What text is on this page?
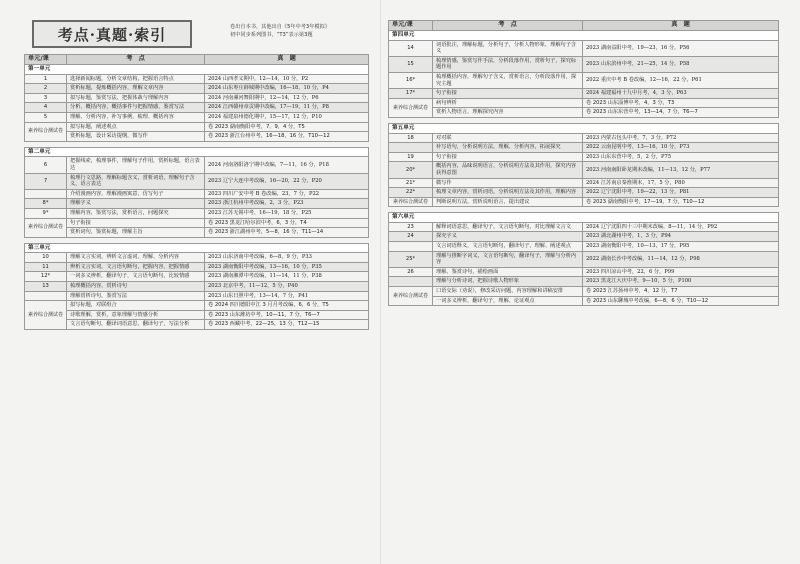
考点·真题·索引	卷出自本书，其他出自《5年中考3年模拟》
初中同步系列图书，“T3”表示第3题
单元/课	考　点	真　题
第一单元		
1	选择新闻标题，分析文章结构，把握语言特点	2024 山西孝义期中，12—14，10 分，P2
2	赏析标题，提炼概括内容，理解文章内容	2024 山东枣庄薛城期中改编，16—18，10 分，P4
3	拟写标题，鉴赏写法，把握体裁与理解内容	2024 河南漯河舞阳期中，12—14，12 分，P6
4	分析、概括内容，概括事件与把握情感，鉴赏写法	2024 江西赣州章贡期中改编，17—19，11 分，P8
5	理解、分析内容，补写事例，梳理、概括内容	2024 福建泉州德化期中，15—17，12 分，P10
素养综合测试卷	拟写标题，阐述观点	卷 2023 湖南衡阳中考，7、9，4 分，T5
	赏析标题，设计采访提纲，微写作	卷 2023 浙江台州中考，16—18，16 分，T10—12

第二单元		
6	把握线索，梳理事件，理解句子作用，赏析标题，语言表达	2024 河南洛阳洛宁期中改编，7—11，16 分，P18
7	梳理行文思路，理解标题含义，赏析词语，理解句子含义，语言表达	2023 辽宁大连中考改编，16—20，22 分，P20
	介绍漫画内容，理解漫画寓意，仿写句子	2023 四川广安中考 B 卷改编，23，7 分，P22
8*	理解字义	2023 浙江杭州中考改编，2，3 分，P23
9*	理解内容，鉴赏写法，赏析语言，问题探究	2023 江苏无锡中考，16—19，18 分，P25
素养综合测试卷	句子衔接	卷 2023 黑龙江哈尔滨中考，6，3 分，T4
	赏析词句，鉴赏标题，理解主旨	卷 2023 浙江湖州中考，5—8，16 分，T11—14

第三单元		
10	理解文言实词，辨析文言虚词，理解、分析内容	2023 山东济南中考改编，6—8，9 分，P33
11	辨析文言实词，文言语句断句，把握内容，把握情感	2023 湖南衡阳中考改编，13—16，10 分，P35
12*	一词多义辨析，翻译句子，文言语句断句，比较情感	2023 湖南湘潭中考改编，11—14，11 分，P38
13	梳理概括内容，赏析诗句	2023 北京中考，11—12，5 分，P40
	理解赏析诗句，鉴赏写法	2023 山东日照中考，13—14，7 分，P41
素养综合测试卷	拟写标题，对联组合	卷 2024 四川德阳中江 3 月月考改编，6，6 分，T5
	诗歌理解，赏析，意象理解与情感分析	卷 2023 山东潍坊中考，10—11，7 分，T6—7
	文言语句断句，翻译词语意思，翻译句子，写法分析	卷 2023 西藏中考，22—25，13 分，T12—15
单元/课	考　点	真　题
第四单元		
14	词语批注，理解标题，分析句子，分析人物形象，理解句子含义	2023 湖南益阳中考，19—23，16 分，P56
15	梳理情感，鉴赏写作手法，分析段落作用，赏析句子，探究标题作用	2023 山东滨州中考，21—25，14 分，P58
16*	梳理概括内容，理解句子含义，赏析语言，分析段落作用，探究主题	2022 重庆中考 B 卷改编，12—16，22 分，P61
17*	句子衔接	2024 福建福州十九中月考，4，3 分，P63
素养综合测试卷	病句辨析	卷 2023 山东淄博中考，4，3 分，T3
	赏析人物语言，理解探究内容	卷 2023 山东东营中考，13—14，7 分，T6—7

第五单元		
18	对对联	2023 内蒙古包头中考，7，3 分，P72
	补写语句，分析说明方法，理解、分析内容，拓展探究	2022 云南昆明中考，13—16，10 分，P73
19	句子衔接	2023 山东东营中考，5，2 分，P75
20*	概括内容，品味说明语言，分析说明方法及其作用，探究内容获得意图	2023 河南南阳卧龙期末改编，11—13，12 分，P77
21*	微写作	2024 江苏南京秦淮期末，17，5 分，P80
22*	梳理文章内容，赏析词语，分析说明方法及其作用，理解内容	2022 辽宁沈阳中考，19—22，13 分，P81
素养综合测试卷	判断说明方法，赏析说明语言，提出建议	卷 2023 湖南衡阳中考，17—19，7 分，T10—12

第六单元		
23	解释词语意思，翻译句子，文言语句断句，对比理解文言文	2024 辽宁沈阳四十三中期末改编，8—11，14 分，P92
24	探究字义	2023 湖北湖州中考，1，3 分，P94
	文言词语释义，文言语句断句，翻译句子，理解、阐述观点	2023 湖南衡阳中考，10—13，17 分，P95
25*	理解与推断字词义，文言语句断句，翻译句子，理解与分析内容	2022 湖南长沙中考改编，11—14，12 分，P98
26	理解、鉴赏诗句，描绘画面	2023 四川凉山中考，22，6 分，P99
	理解与分析诗词，把握诗歌人物形象	2023 黑龙江大庆中考，9—10，5 分，P100
素养综合测试卷	口语交际（劝说），修改采访问题，内容理解和讲稿安排	卷 2023 江苏扬州中考，4，12 分，T7
	一词多义辨析，翻译句子，理解、论证观点	卷 2023 山东聊城中考改编，6—8，6 分，T10—12
